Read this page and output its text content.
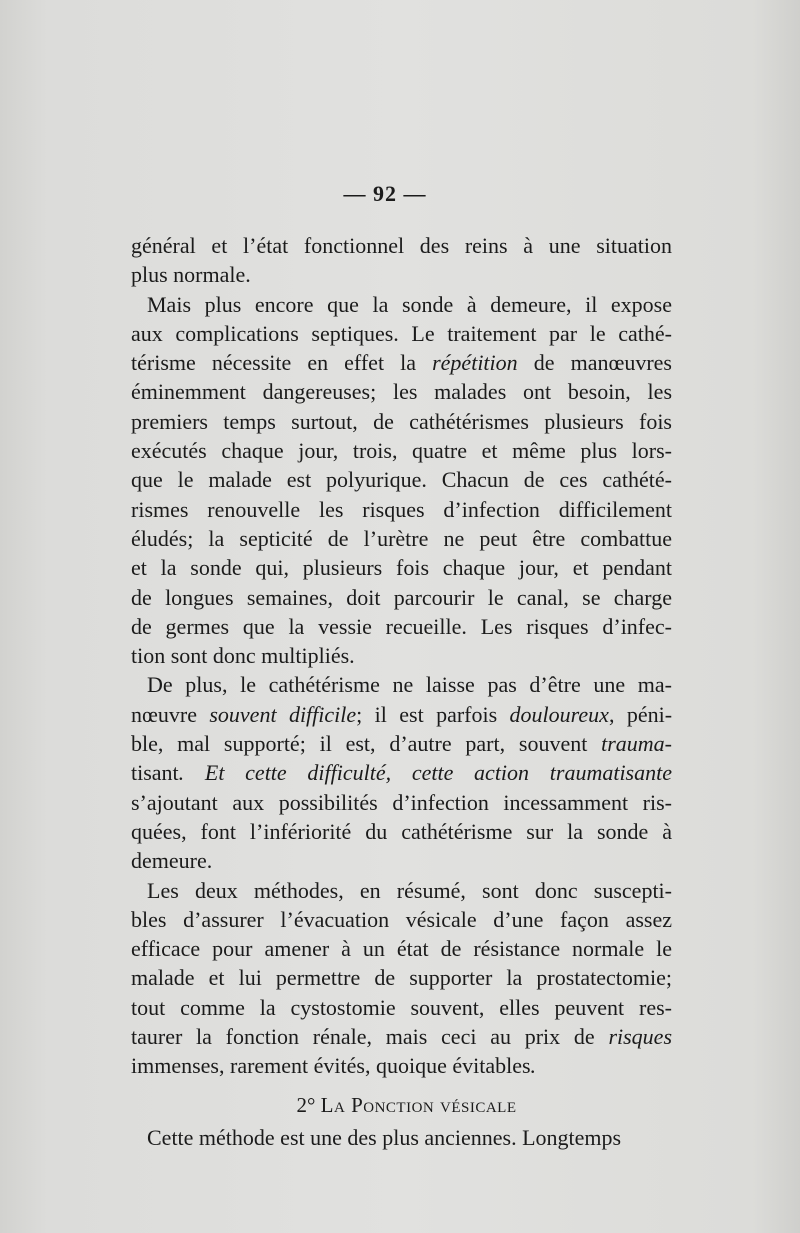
— 92 —
général et l’état fonctionnel des reins à une situation
plus normale.
Mais plus encore que la sonde à demeure, il expose
aux complications septiques. Le traitement par le cathé-
térisme nécessite en effet la répétition de manœuvres
éminemment dangereuses; les malades ont besoin, les
premiers temps surtout, de cathétérismes plusieurs fois
exécutés chaque jour, trois, quatre et même plus lors-
que le malade est polyurique. Chacun de ces cathété-
rismes renouvelle les risques d’infection difficilement
éludés; la septicité de l’urètre ne peut être combattue
et la sonde qui, plusieurs fois chaque jour, et pendant
de longues semaines, doit parcourir le canal, se charge
de germes que la vessie recueille. Les risques d’infec-
tion sont donc multipliés.
De plus, le cathétérisme ne laisse pas d’être une ma-
nœuvre souvent difficile; il est parfois douloureux, péni-
ble, mal supporté; il est, d’autre part, souvent trauma-
tisant. Et cette difficulté, cette action traumatisante
s’ajoutant aux possibilités d’infection incessamment ris-
quées, font l’infériorité du cathétérisme sur la sonde à
demeure.
Les deux méthodes, en résumé, sont donc suscepti-
bles d’assurer l’évacuation vésicale d’une façon assez
efficace pour amener à un état de résistance normale le
malade et lui permettre de supporter la prostatectomie;
tout comme la cystostomie souvent, elles peuvent res-
taurer la fonction rénale, mais ceci au prix de risques
immenses, rarement évités, quoique évitables.
2° La Ponction vésicale
Cette méthode est une des plus anciennes. Longtemps
